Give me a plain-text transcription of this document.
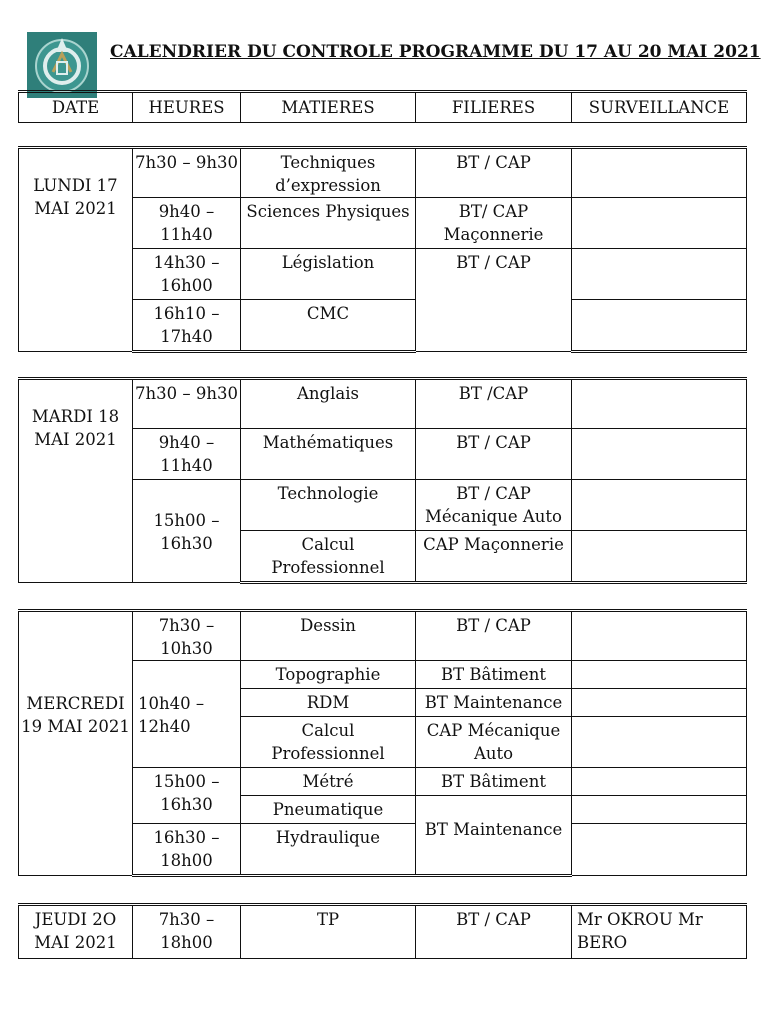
CALENDRIER DU CONTROLE PROGRAMME DU 17 AU 20 MAI 2021
DATE	HEURES	MATIERES	FILIERES	SURVEILLANCE
LUNDI 17 MAI 2021	7h30 – 9h30	Techniques d’expression	BT / CAP	
	9h40 – 11h40	Sciences Physiques	BT/ CAP Maçonnerie	
	14h30 – 16h00	Législation	BT / CAP	
	16h10 – 17h40	CMC		
MARDI 18 MAI 2021	7h30 – 9h30	Anglais	BT /CAP	
	9h40 – 11h40	Mathématiques	BT / CAP	
	15h00 – 16h30	Technologie	BT / CAP Mécanique Auto	
		Calcul Professionnel	CAP Maçonnerie	
MERCREDI 19 MAI 2021	7h30 – 10h30	Dessin	BT / CAP	
	10h40 – 12h40	Topographie	BT Bâtiment	
		RDM	BT Maintenance	
		Calcul Professionnel	CAP Mécanique Auto	
	15h00 – 16h30	Métré	BT Bâtiment	
		Pneumatique	BT Maintenance	
	16h30 – 18h00	Hydraulique		
JEUDI 2O MAI 2021	7h30 – 18h00	TP	BT / CAP	Mr OKROU Mr BERO
